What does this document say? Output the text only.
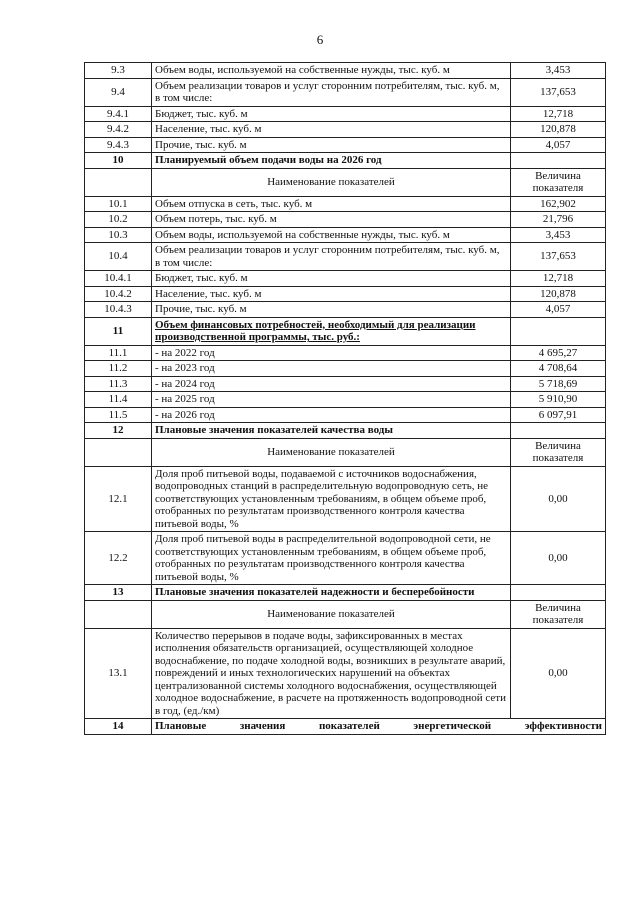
6
9.3	Объем воды, используемой на собственные нужды, тыс. куб. м	3,453
9.4	Объем реализации товаров и услуг сторонним потребителям, тыс. куб. м, в том числе:	137,653
9.4.1	Бюджет, тыс. куб. м	12,718
9.4.2	Население, тыс. куб. м	120,878
9.4.3	Прочие, тыс. куб. м	4,057
10	Планируемый объем подачи воды на 2026 год	
	Наименование показателей	Величина показателя
10.1	Объем отпуска в сеть, тыс. куб. м	162,902
10.2	Объем потерь, тыс. куб. м	21,796
10.3	Объем воды, используемой на собственные нужды, тыс. куб. м	3,453
10.4	Объем реализации товаров и услуг сторонним потребителям, тыс. куб. м, в том числе:	137,653
10.4.1	Бюджет, тыс. куб. м	12,718
10.4.2	Население, тыс. куб. м	120,878
10.4.3	Прочие, тыс. куб. м	4,057
11	Объем финансовых потребностей, необходимый для реализации производственной программы, тыс. руб.:	
11.1	- на 2022 год	4 695,27
11.2	- на 2023 год	4 708,64
11.3	- на 2024 год	5 718,69
11.4	- на 2025 год	5 910,90
11.5	- на 2026 год	6 097,91
12	Плановые значения показателей качества воды	
	Наименование показателей	Величина показателя
12.1	Доля проб питьевой воды, подаваемой с источников водоснабжения, водопроводных станций в распределительную водопроводную сеть, не соответствующих установленным требованиям, в общем объеме проб, отобранных по результатам производственного контроля качества питьевой воды, %	0,00
12.2	Доля проб питьевой воды в распределительной водопроводной сети, не соответствующих установленным требованиям, в общем объеме проб, отобранных по результатам производственного контроля качества питьевой воды, %	0,00
13	Плановые значения показателей надежности и бесперебойности	
	Наименование показателей	Величина показателя
13.1	Количество перерывов в подаче воды, зафиксированных в местах исполнения обязательств организацией, осуществляющей холодное водоснабжение, по подаче холодной воды, возникших в результате аварий, повреждений и иных технологических нарушений на объектах централизованной системы холодного водоснабжения, осуществляющей холодное водоснабжение, в расчете на протяженность водопроводной сети в год, (ед./км)	0,00
14	Плановые значения показателей энергетической эффективности	
